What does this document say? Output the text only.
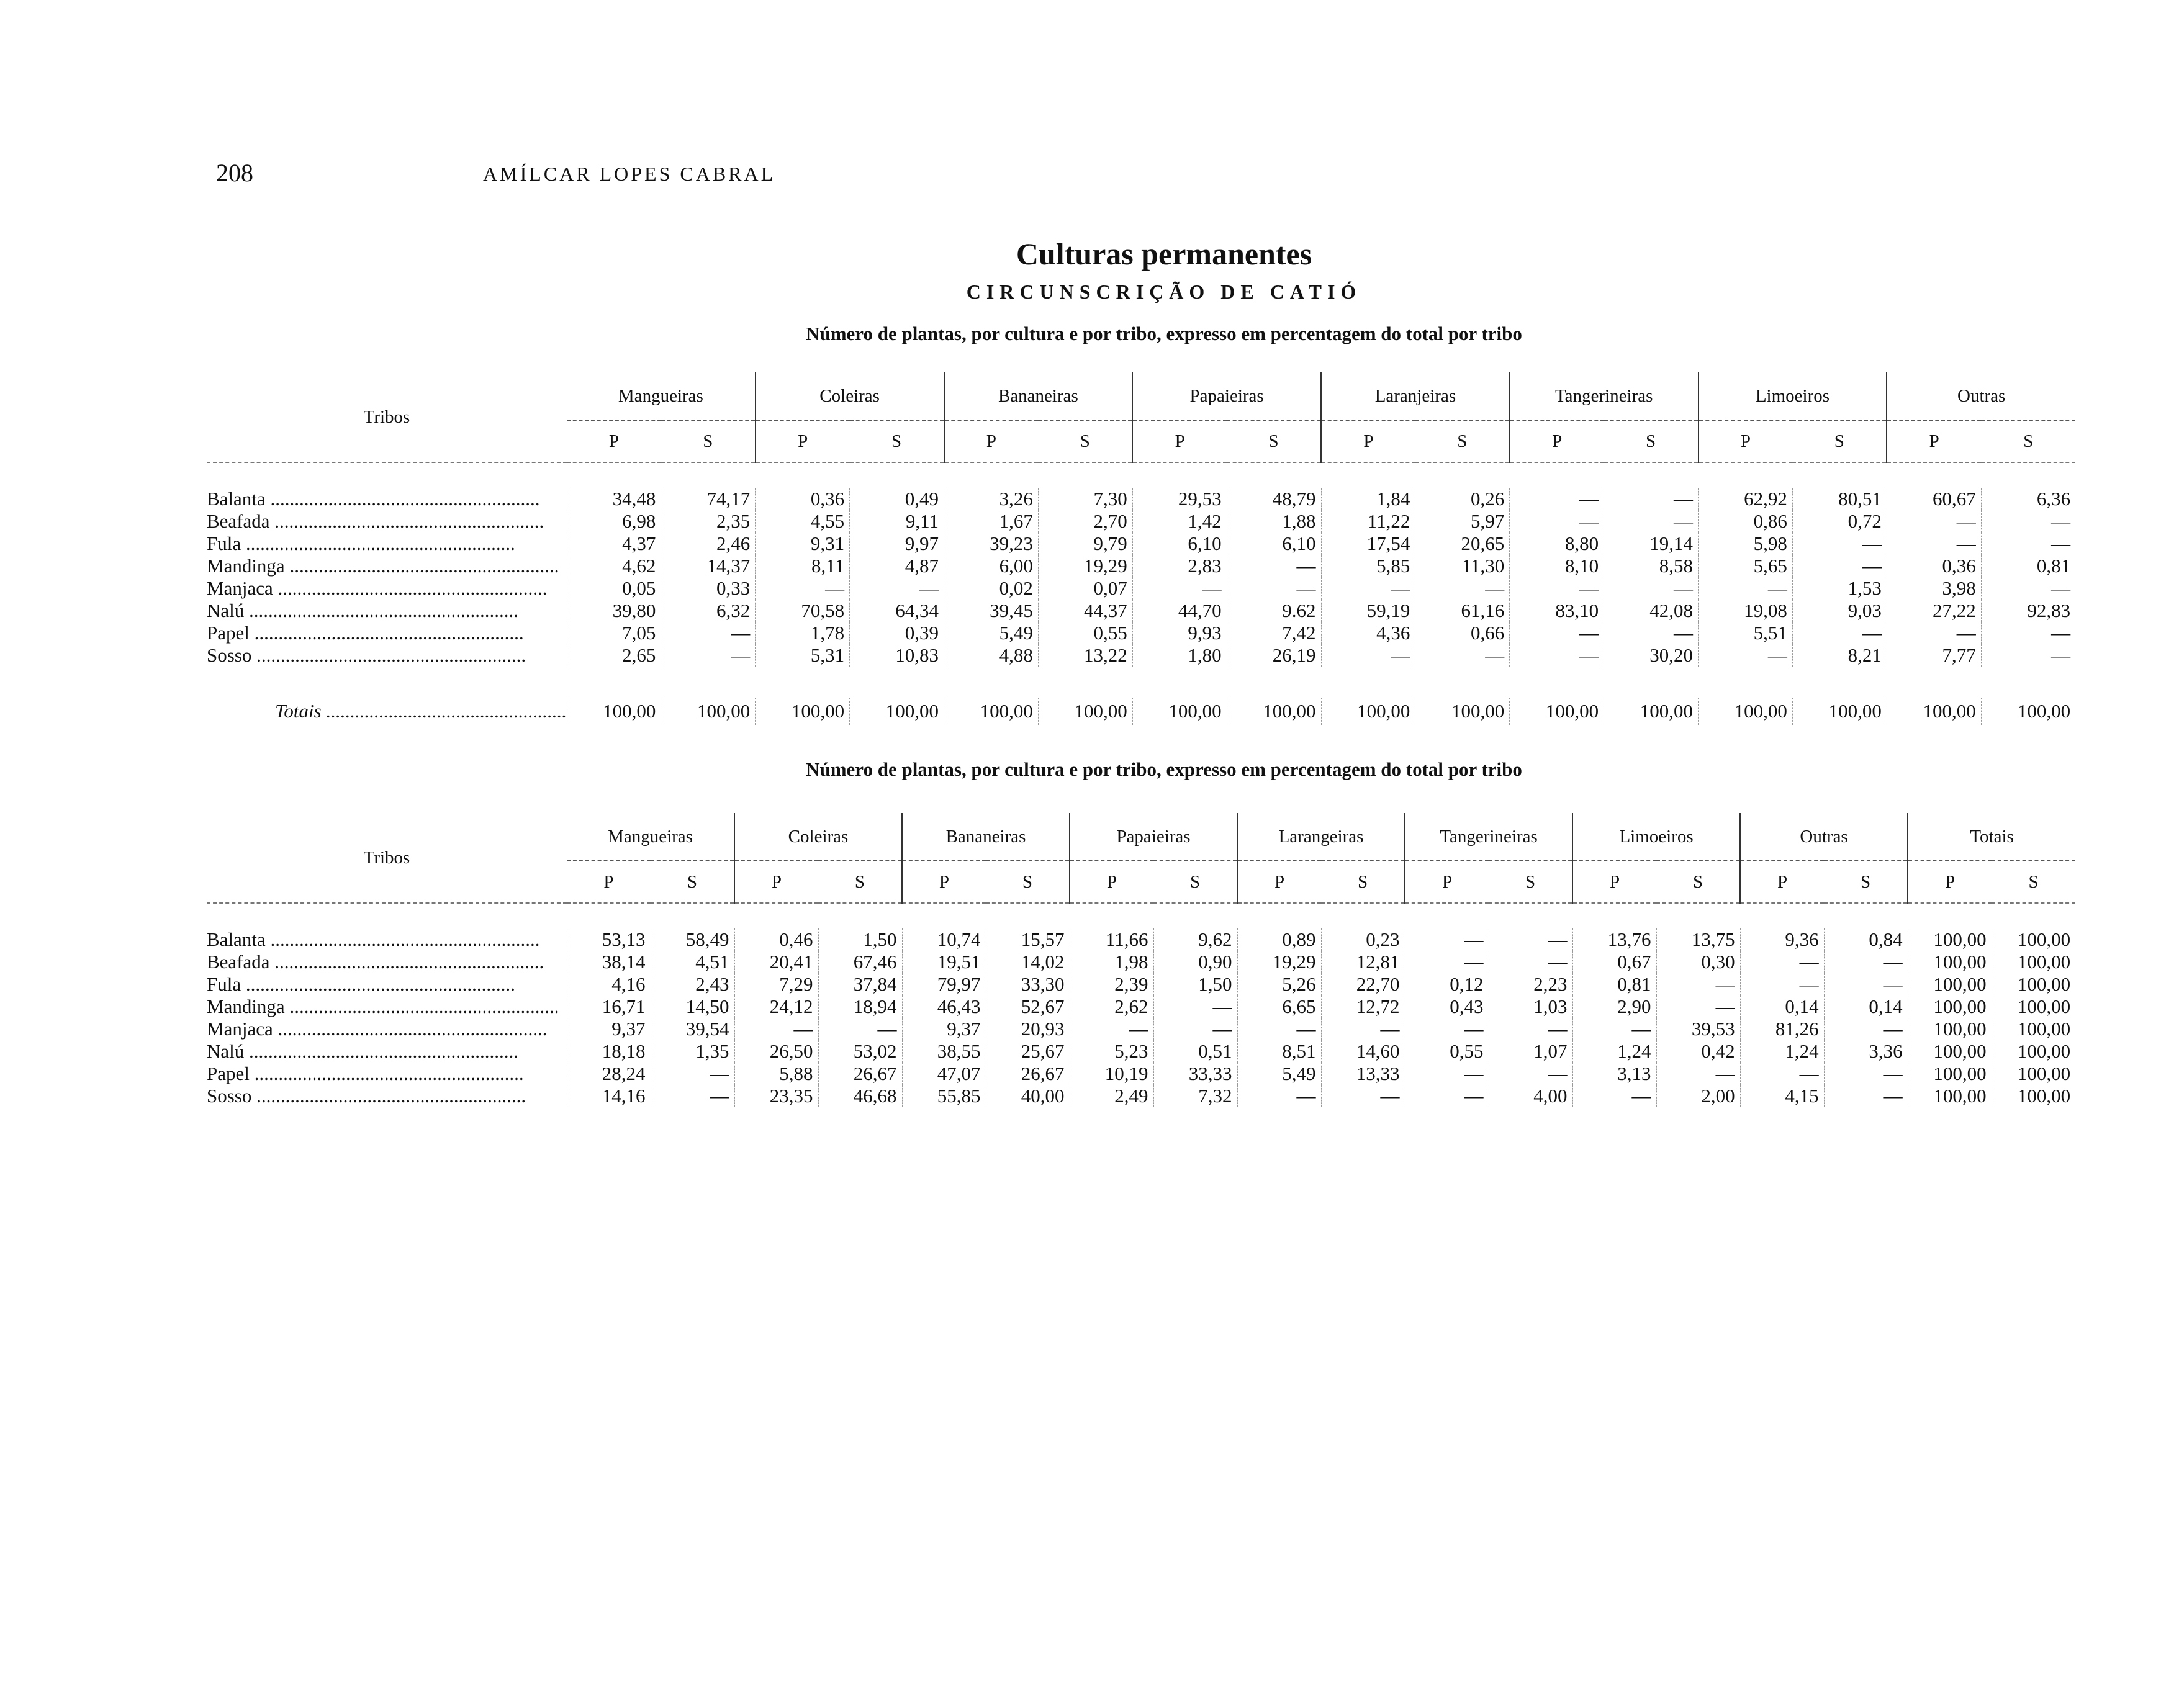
208	AMÍLCAR LOPES CABRAL
Culturas permanentes
CIRCUNSCRIÇÃO DE CATIÓ
Número de plantas, por cultura e por tribo, expresso em percentagem do total por tribo
Número de plantas, por cultura e por tribo, expresso em percentagem do total por tribo
Tribos	Mangueiras		Coleiras		Bananeiras		Papaieiras		Laranjeiras		Tangerineiras		Limoeiros		Outras	
	P	S	P	S	P	S	P	S	P	S	P	S	P	S	P	S

Balanta .....	34,48	74,17	0,36	0,49	3,26	7,30	29,53	48,79	1,84	0,26	—	—	62,92	80,51	60,67	6,36
Beafada .....	6,98	2,35	4,55	9,11	1,67	2,70	1,42	1,88	11,22	5,97	—	—	0,86	0,72	—	—
Fula .....	4,37	2,46	9,31	9,97	39,23	9,79	6,10	6,10	17,54	20,65	8,80	19,14	5,98	—	—	—
Mandinga .....	4,62	14,37	8,11	4,87	6,00	19,29	2,83	—	5,85	11,30	8,10	8,58	5,65	—	0,36	0,81
Manjaca .....	0,05	0,33	—	—	0,02	0,07	—	—	—	—	—	—	—	1,53	3,98	—
Nalú .....	39,80	6,32	70,58	64,34	39,45	44,37	44,70	9.62	59,19	61,16	83,10	42,08	19,08	9,03	27,22	92,83
Papel .....	7,05	—	1,78	0,39	5,49	0,55	9,93	7,42	4,36	0,66	—	—	5,51	—	—	—
Sosso .....	2,65	—	5,31	10,83	4,88	13,22	1,80	26,19	—	—	—	30,20	—	8,21	7,77	—

Totais .....	100,00	100,00	100,00	100,00	100,00	100,00	100,00	100,00	100,00	100,00	100,00	100,00	100,00	100,00	100,00	100,00
Tribos	Mangueiras		Coleiras		Bananeiras		Papaieiras		Larangeiras		Tangerineiras		Limoeiros		Outras		Totais	
	P	S	P	S	P	S	P	S	P	S	P	S	P	S	P	S	P	S

Balanta .....	53,13	58,49	0,46	1,50	10,74	15,57	11,66	9,62	0,89	0,23	—	—	13,76	13,75	9,36	0,84	100,00	100,00
Beafada .....	38,14	4,51	20,41	67,46	19,51	14,02	1,98	0,90	19,29	12,81	—	—	0,67	0,30	—	—	100,00	100,00
Fula .....	4,16	2,43	7,29	37,84	79,97	33,30	2,39	1,50	5,26	22,70	0,12	2,23	0,81	—	—	—	100,00	100,00
Mandinga .....	16,71	14,50	24,12	18,94	46,43	52,67	2,62	—	6,65	12,72	0,43	1,03	2,90	—	0,14	0,14	100,00	100,00
Manjaca .....	9,37	39,54	—	—	9,37	20,93	—	—	—	—	—	—	—	39,53	81,26	—	100,00	100,00
Nalú .....	18,18	1,35	26,50	53,02	38,55	25,67	5,23	0,51	8,51	14,60	0,55	1,07	1,24	0,42	1,24	3,36	100,00	100,00
Papel .....	28,24	—	5,88	26,67	47,07	26,67	10,19	33,33	5,49	13,33	—	—	3,13	—	—	—	100,00	100,00
Sosso .....	14,16	—	23,35	46,68	55,85	40,00	2,49	7,32	—	—	—	4,00	—	2,00	4,15	—	100,00	100,00
